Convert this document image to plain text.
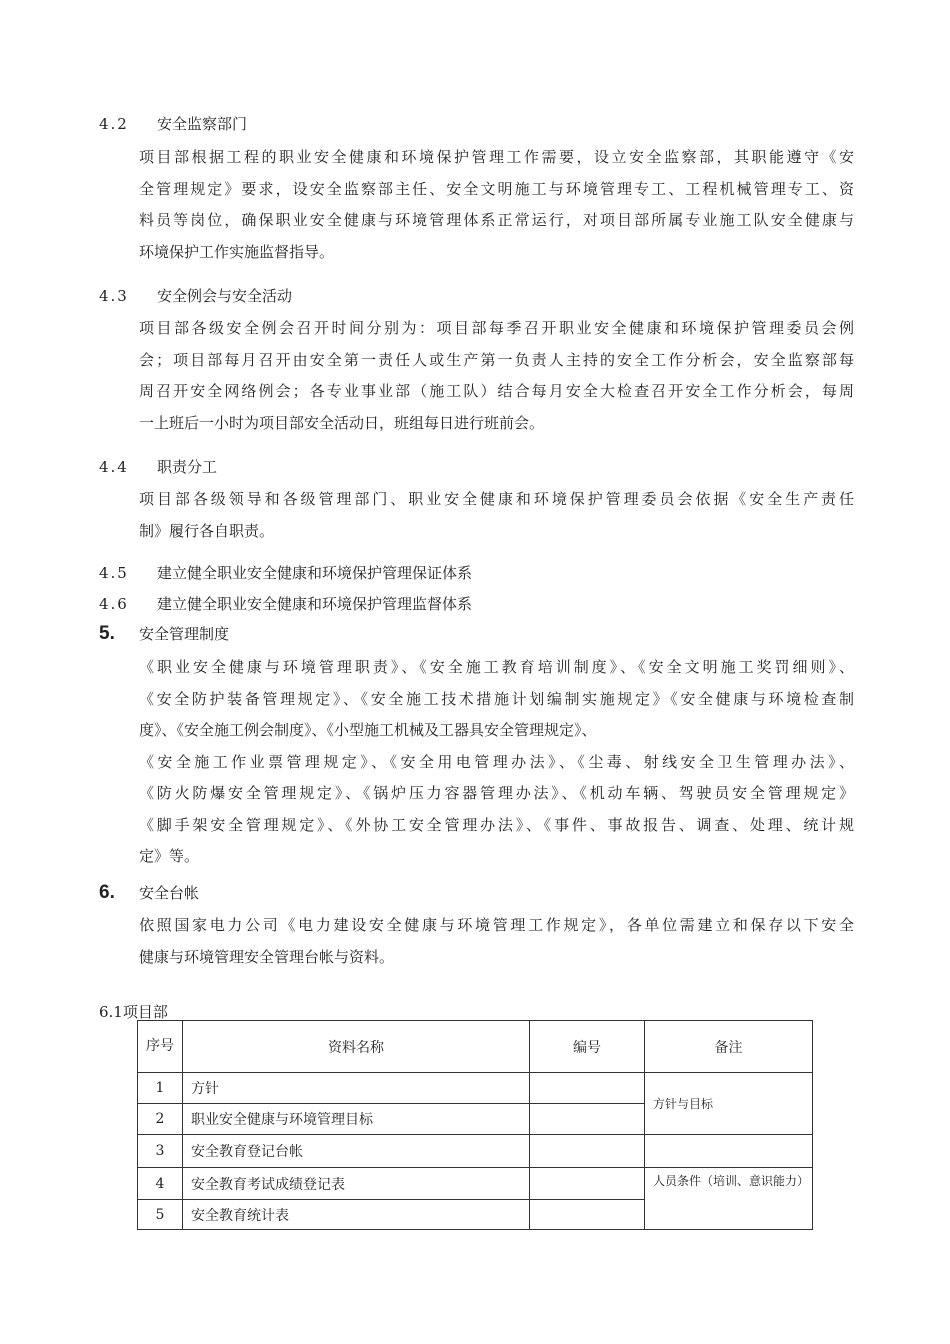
4.2 安全监察部门
项目部根据工程的职业安全健康和环境保护管理工作需要，设立安全监察部，其职能遵守《安
全管理规定》要求，设安全监察部主任、安全文明施工与环境管理专工、工程机械管理专工、资
料员等岗位，确保职业安全健康与环境管理体系正常运行，对项目部所属专业施工队安全健康与
环境保护工作实施监督指导。
4.3 安全例会与安全活动
项目部各级安全例会召开时间分别为：项目部每季召开职业安全健康和环境保护管理委员会例
会；项目部每月召开由安全第一责任人或生产第一负责人主持的安全工作分析会，安全监察部每
周召开安全网络例会；各专业事业部（施工队）结合每月安全大检查召开安全工作分析会，每周
一上班后一小时为项目部安全活动日，班组每日进行班前会。
4.4 职责分工
项目部各级领导和各级管理部门、职业安全健康和环境保护管理委员会依据《安全生产责任
制》履行各自职责。
4.5 建立健全职业安全健康和环境保护管理保证体系
4.6 建立健全职业安全健康和环境保护管理监督体系
5. 安全管理制度
《职业安全健康与环境管理职责》、《安全施工教育培训制度》、《安全文明施工奖罚细则》、
《安全防护装备管理规定》、《安全施工技术措施计划编制实施规定》《安全健康与环境检查制
度》、《安全施工例会制度》、《小型施工机械及工器具安全管理规定》、
《安全施工作业票管理规定》、《安全用电管理办法》、《尘毒、射线安全卫生管理办法》、
《防火防爆安全管理规定》、《锅炉压力容器管理办法》、《机动车辆、驾驶员安全管理规定》
《脚手架安全管理规定》、《外协工安全管理办法》、《事件、事故报告、调查、处理、统计规
定》等。
6. 安全台帐
依照国家电力公司《电力建设安全健康与环境管理工作规定》，各单位需建立和保存以下安全
健康与环境管理安全管理台帐与资料。
6.1项目部
序号	资料名称	编号	备注
1	方针		方针与目标
2	职业安全健康与环境管理目标		
3	安全教育登记台帐		
4	安全教育考试成绩登记表		人员条件（培训、意识能力）
5	安全教育统计表		
